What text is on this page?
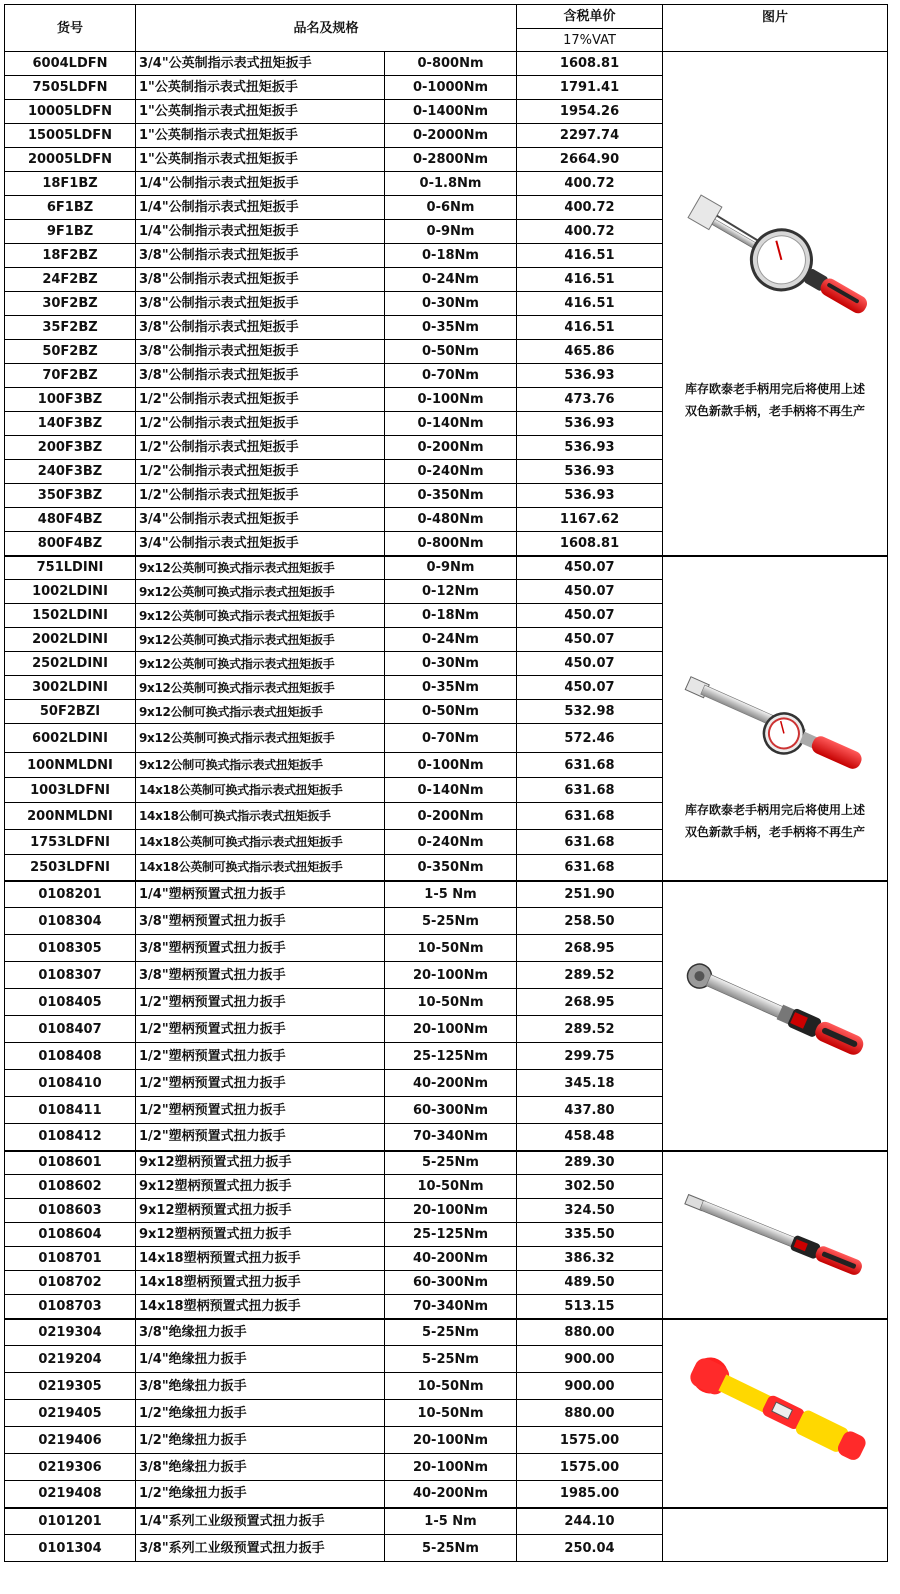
货号	品名及规格		含税单价	图片
			17%VAT	
6004LDFN	3/4"公英制指示表式扭矩扳手	0-800Nm	1608.81	库存欧泰老手柄用完后将使用上述
双色新款手柄，老手柄将不再生产

7505LDFN	1"公英制指示表式扭矩扳手	0-1000Nm	1791.41	
10005LDFN	1"公英制指示表式扭矩扳手	0-1400Nm	1954.26	
15005LDFN	1"公英制指示表式扭矩扳手	0-2000Nm	2297.74	
20005LDFN	1"公英制指示表式扭矩扳手	0-2800Nm	2664.90	
18F1BZ	1/4"公制指示表式扭矩扳手	0-1.8Nm	400.72	
6F1BZ	1/4"公制指示表式扭矩扳手	0-6Nm	400.72	
9F1BZ	1/4"公制指示表式扭矩扳手	0-9Nm	400.72	
18F2BZ	3/8"公制指示表式扭矩扳手	0-18Nm	416.51	
24F2BZ	3/8"公制指示表式扭矩扳手	0-24Nm	416.51	
30F2BZ	3/8"公制指示表式扭矩扳手	0-30Nm	416.51	
35F2BZ	3/8"公制指示表式扭矩扳手	0-35Nm	416.51	
50F2BZ	3/8"公制指示表式扭矩扳手	0-50Nm	465.86	
70F2BZ	3/8"公制指示表式扭矩扳手	0-70Nm	536.93	
100F3BZ	1/2"公制指示表式扭矩扳手	0-100Nm	473.76	
140F3BZ	1/2"公制指示表式扭矩扳手	0-140Nm	536.93	
200F3BZ	1/2"公制指示表式扭矩扳手	0-200Nm	536.93	
240F3BZ	1/2"公制指示表式扭矩扳手	0-240Nm	536.93	
350F3BZ	1/2"公制指示表式扭矩扳手	0-350Nm	536.93	
480F4BZ	3/4"公制指示表式扭矩扳手	0-480Nm	1167.62	
800F4BZ	3/4"公制指示表式扭矩扳手	0-800Nm	1608.81	
751LDINI	9x12公英制可换式指示表式扭矩扳手	0-9Nm	450.07	库存欧泰老手柄用完后将使用上述
双色新款手柄，老手柄将不再生产

1002LDINI	9x12公英制可换式指示表式扭矩扳手	0-12Nm	450.07	
1502LDINI	9x12公英制可换式指示表式扭矩扳手	0-18Nm	450.07	
2002LDINI	9x12公英制可换式指示表式扭矩扳手	0-24Nm	450.07	
2502LDINI	9x12公英制可换式指示表式扭矩扳手	0-30Nm	450.07	
3002LDINI	9x12公英制可换式指示表式扭矩扳手	0-35Nm	450.07	
50F2BZI	9x12公制可换式指示表式扭矩扳手	0-50Nm	532.98	
6002LDINI	9x12公英制可换式指示表式扭矩扳手	0-70Nm	572.46	
100NMLDNI	9x12公制可换式指示表式扭矩扳手	0-100Nm	631.68	
1003LDFNI	14x18公英制可换式指示表式扭矩扳手	0-140Nm	631.68	
200NMLDNI	14x18公制可换式指示表式扭矩扳手	0-200Nm	631.68	
1753LDFNI	14x18公英制可换式指示表式扭矩扳手	0-240Nm	631.68	
2503LDFNI	14x18公英制可换式指示表式扭矩扳手	0-350Nm	631.68	
0108201	1/4"塑柄预置式扭力扳手	1-5 Nm	251.90	

0108304	3/8"塑柄预置式扭力扳手	5-25Nm	258.50	
0108305	3/8"塑柄预置式扭力扳手	10-50Nm	268.95	
0108307	3/8"塑柄预置式扭力扳手	20-100Nm	289.52	
0108405	1/2"塑柄预置式扭力扳手	10-50Nm	268.95	
0108407	1/2"塑柄预置式扭力扳手	20-100Nm	289.52	
0108408	1/2"塑柄预置式扭力扳手	25-125Nm	299.75	
0108410	1/2"塑柄预置式扭力扳手	40-200Nm	345.18	
0108411	1/2"塑柄预置式扭力扳手	60-300Nm	437.80	
0108412	1/2"塑柄预置式扭力扳手	70-340Nm	458.48	
0108601	9x12塑柄预置式扭力扳手	5-25Nm	289.30	

0108602	9x12塑柄预置式扭力扳手	10-50Nm	302.50	
0108603	9x12塑柄预置式扭力扳手	20-100Nm	324.50	
0108604	9x12塑柄预置式扭力扳手	25-125Nm	335.50	
0108701	14x18塑柄预置式扭力扳手	40-200Nm	386.32	
0108702	14x18塑柄预置式扭力扳手	60-300Nm	489.50	
0108703	14x18塑柄预置式扭力扳手	70-340Nm	513.15	
0219304	3/8"绝缘扭力扳手	5-25Nm	880.00	

0219204	1/4"绝缘扭力扳手	5-25Nm	900.00	
0219305	3/8"绝缘扭力扳手	10-50Nm	900.00	
0219405	1/2"绝缘扭力扳手	10-50Nm	880.00	
0219406	1/2"绝缘扭力扳手	20-100Nm	1575.00	
0219306	3/8"绝缘扭力扳手	20-100Nm	1575.00	
0219408	1/2"绝缘扭力扳手	40-200Nm	1985.00	
0101201	1/4"系列工业级预置式扭力扳手	1-5 Nm	244.10	

0101304	3/8"系列工业级预置式扭力扳手	5-25Nm	250.04	
